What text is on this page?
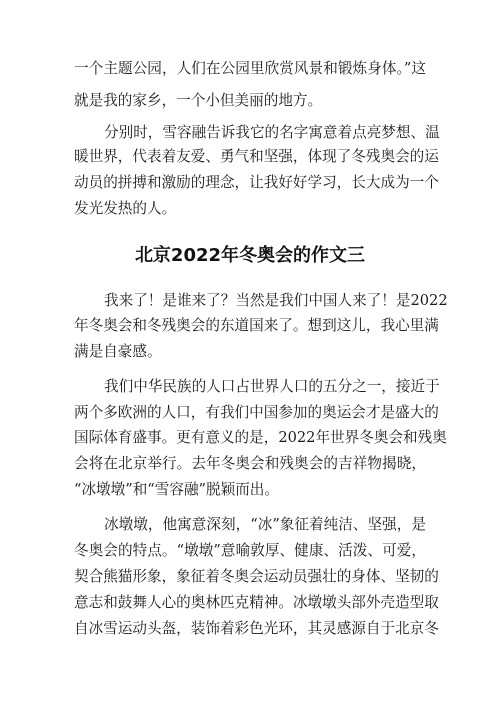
一个主题公园，人们在公园里欣赏风景和锻炼身体。”这
就是我的家乡，一个小但美丽的地方。
分别时，雪容融告诉我它的名字寓意着点亮梦想、温
暖世界，代表着友爱、勇气和坚强，体现了冬残奥会的运
动员的拼搏和激励的理念，让我好好学习，长大成为一个
发光发热的人。
北京2022年冬奥会的作文三
我来了！是谁来了？当然是我们中国人来了！是2022
年冬奥会和冬残奥会的东道国来了。想到这儿，我心里满
满是自豪感。
我们中华民族的人口占世界人口的五分之一，接近于
两个多欧洲的人口，有我们中国参加的奥运会才是盛大的
国际体育盛事。更有意义的是，2022年世界冬奥会和残奥
会将在北京举行。去年冬奥会和残奥会的吉祥物揭晓，
“冰墩墩”和“雪容融”脱颖而出。
冰墩墩，他寓意深刻，“冰”象征着纯洁、坚强，是
冬奥会的特点。“墩墩”意喻敦厚、健康、活泼、可爱，
契合熊猫形象，象征着冬奥会运动员强壮的身体、坚韧的
意志和鼓舞人心的奥林匹克精神。冰墩墩头部外壳造型取
自冰雪运动头盔，装饰着彩色光环，其灵感源自于北京冬
